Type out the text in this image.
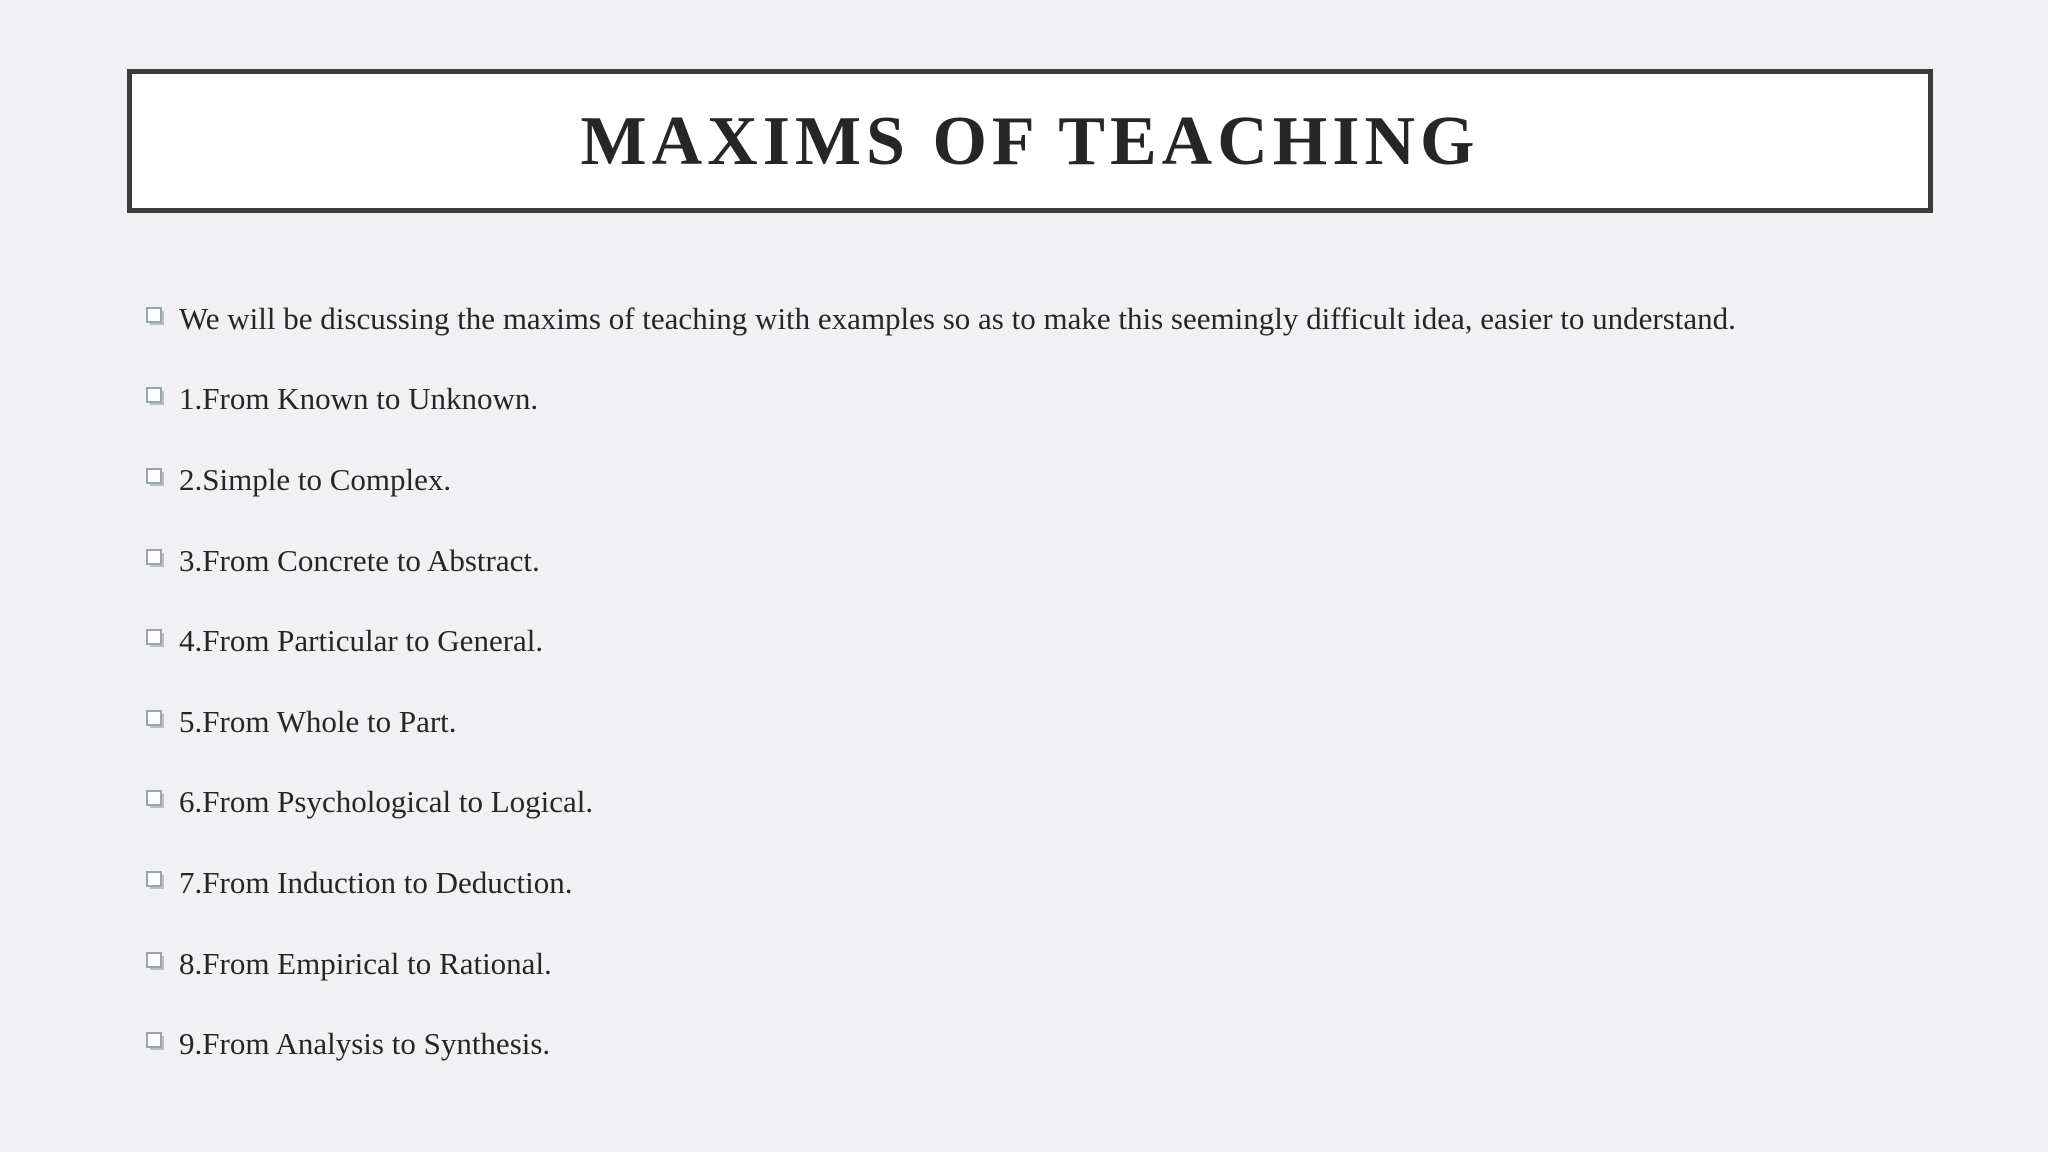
MAXIMS OF TEACHING
We will be discussing the maxims of teaching with examples so as to make this seemingly difficult idea, easier to understand.
1.From Known to Unknown.
2.Simple to Complex.
3.From Concrete to Abstract.
4.From Particular to General.
5.From Whole to Part.
6.From Psychological to Logical.
7.From Induction to Deduction.
8.From Empirical to Rational.
9.From Analysis to Synthesis.
